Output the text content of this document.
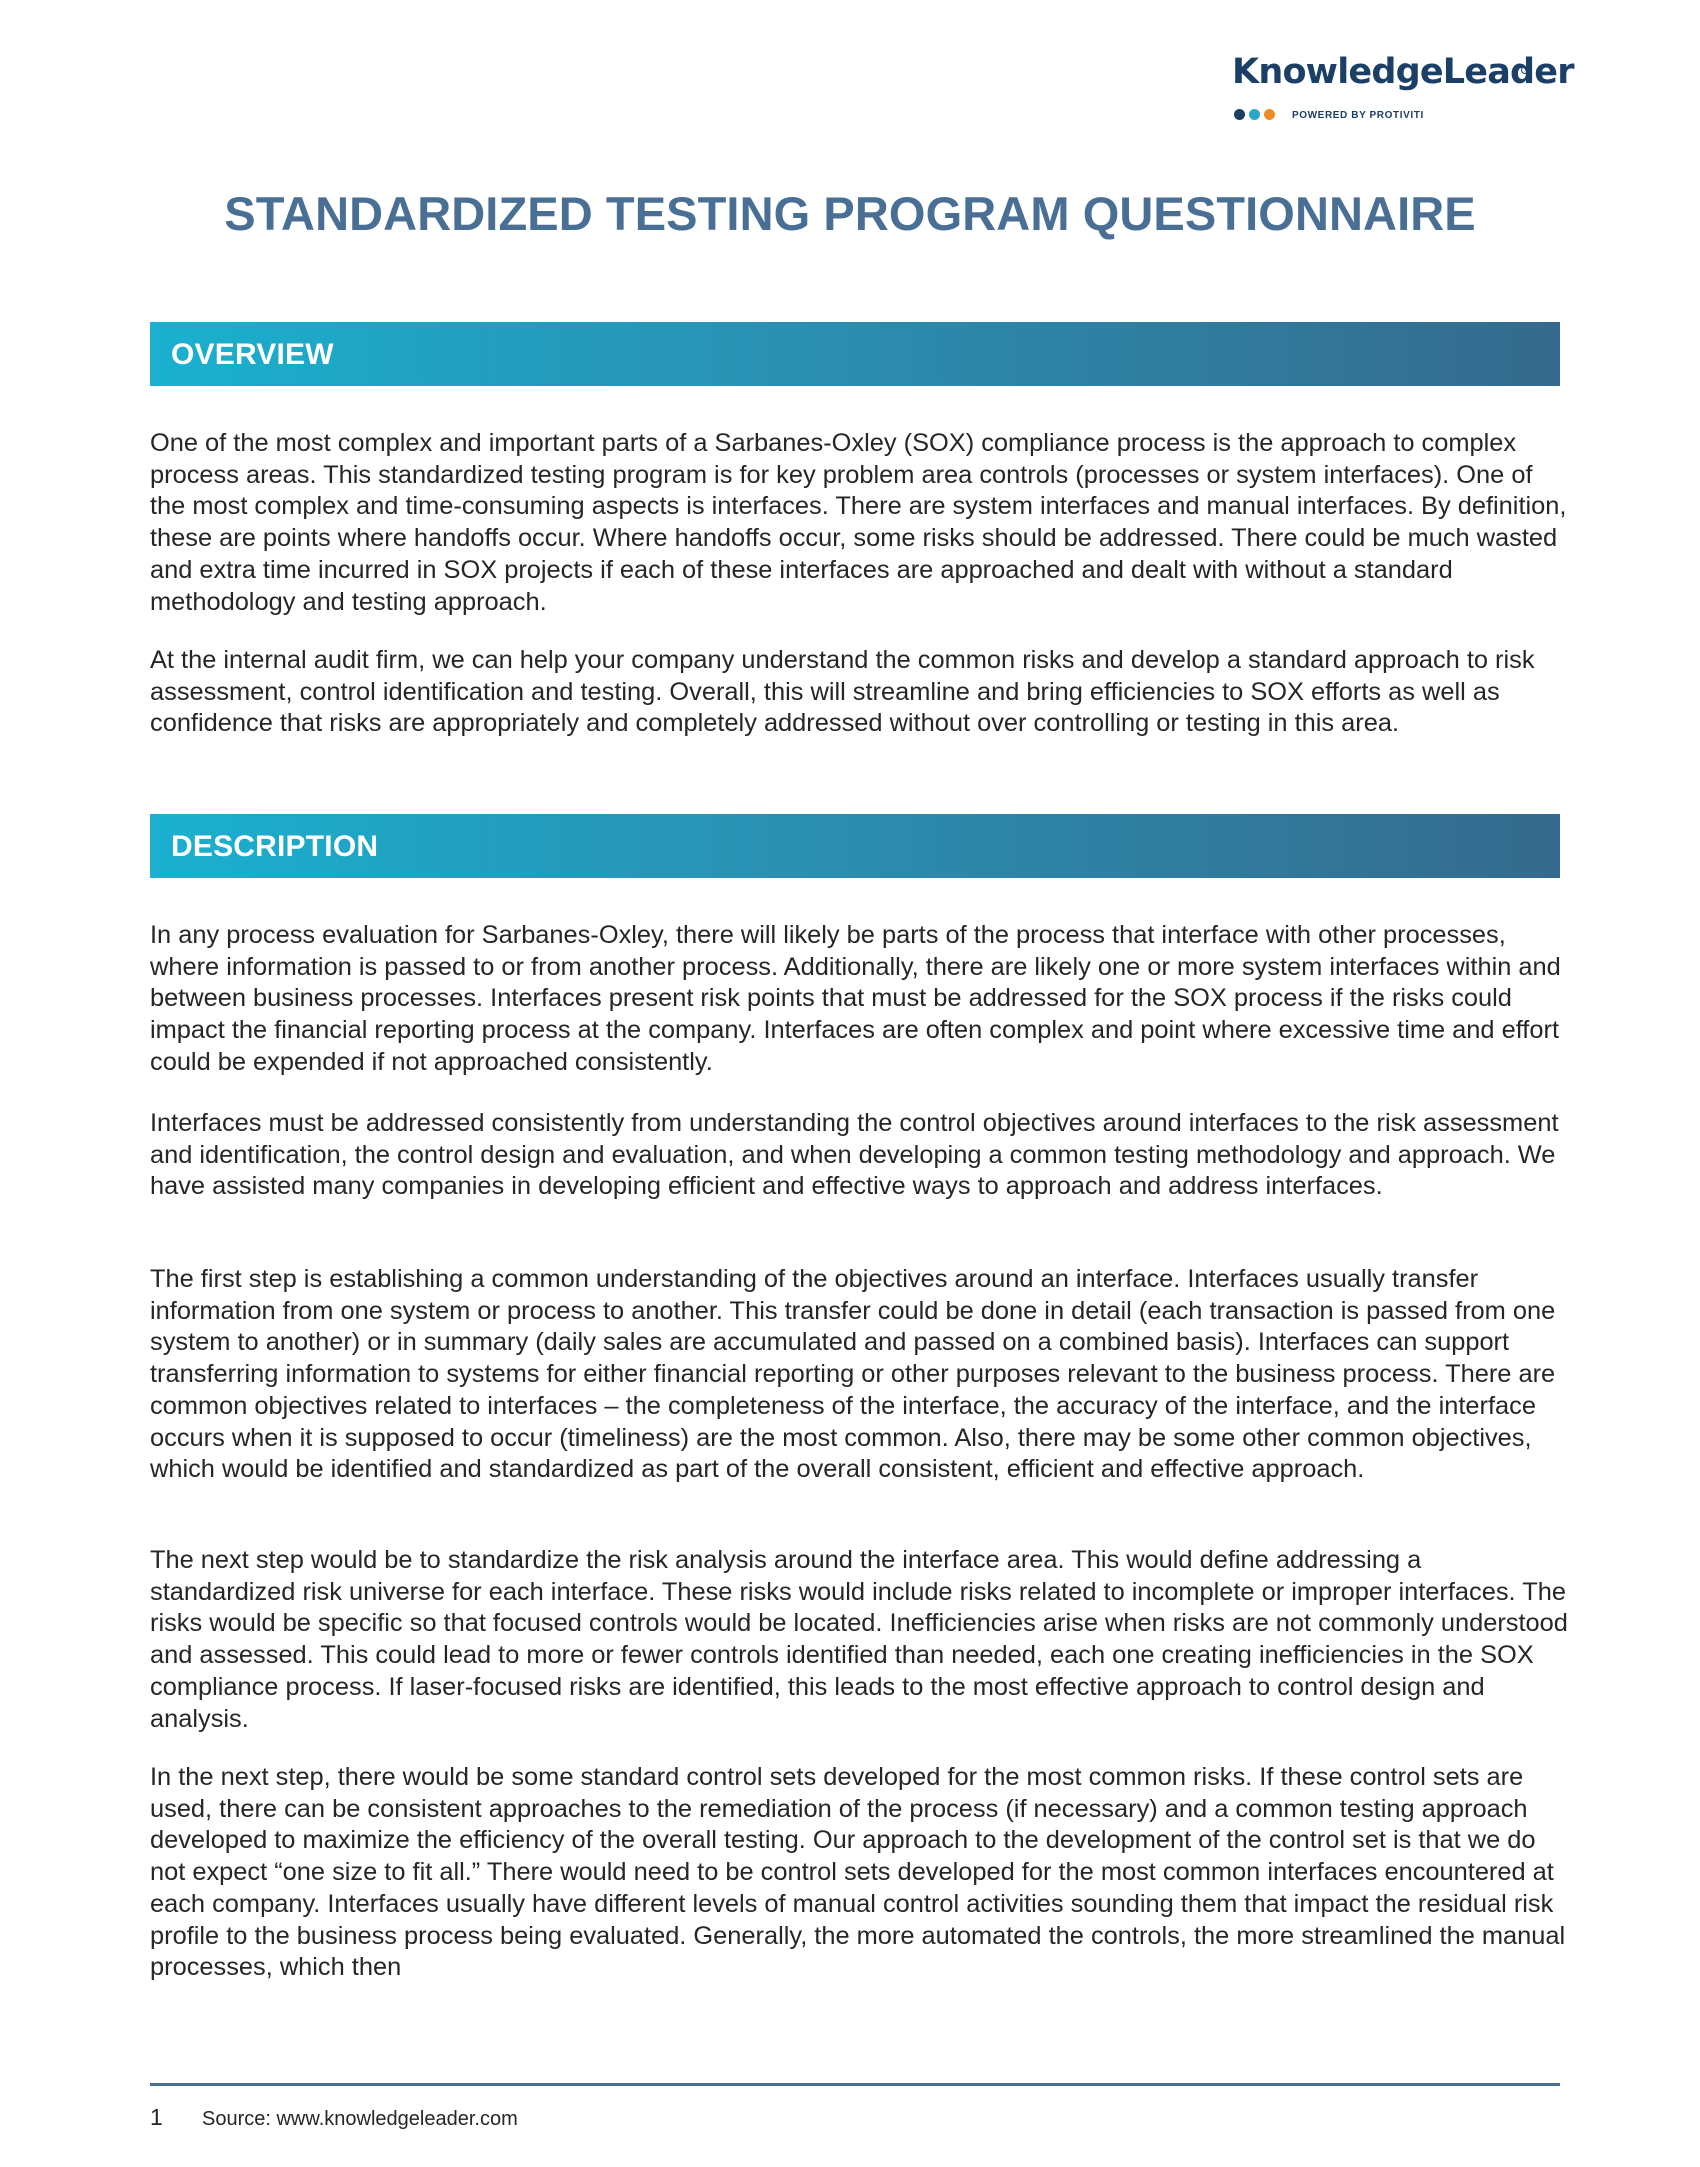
KnowledgeLeader
POWERED BY PROTIVITI
STANDARDIZED TESTING PROGRAM QUESTIONNAIRE
OVERVIEW

One of the most complex and important parts of a Sarbanes-Oxley (SOX) compliance process is the approach to complex process areas. This standardized testing program is for key problem area controls (processes or system interfaces). One of the most complex and time-consuming aspects is interfaces. There are system interfaces and manual interfaces. By definition, these are points where handoffs occur. Where handoffs occur, some risks should be addressed. There could be much wasted and extra time incurred in SOX projects if each of these interfaces are approached and dealt with without a standard methodology and testing approach.

At the internal audit firm, we can help your company understand the common risks and develop a standard approach to risk assessment, control identification and testing. Overall, this will streamline and bring efficiencies to SOX efforts as well as confidence that risks are appropriately and completely addressed without over controlling or testing in this area.

DESCRIPTION

In any process evaluation for Sarbanes-Oxley, there will likely be parts of the process that interface with other processes, where information is passed to or from another process. Additionally, there are likely one or more system interfaces within and between business processes. Interfaces present risk points that must be addressed for the SOX process if the risks could impact the financial reporting process at the company. Interfaces are often complex and point where excessive time and effort could be expended if not approached consistently.

Interfaces must be addressed consistently from understanding the control objectives around interfaces to the risk assessment and identification, the control design and evaluation, and when developing a common testing methodology and approach. We have assisted many companies in developing efficient and effective ways to approach and address interfaces.

The first step is establishing a common understanding of the objectives around an interface. Interfaces usually transfer information from one system or process to another. This transfer could be done in detail (each transaction is passed from one system to another) or in summary (daily sales are accumulated and passed on a combined basis). Interfaces can support transferring information to systems for either financial reporting or other purposes relevant to the business process. There are common objectives related to interfaces – the completeness of the interface, the accuracy of the interface, and the interface occurs when it is supposed to occur (timeliness) are the most common. Also, there may be some other common objectives, which would be identified and standardized as part of the overall consistent, efficient and effective approach.

The next step would be to standardize the risk analysis around the interface area. This would define addressing a standardized risk universe for each interface. These risks would include risks related to incomplete or improper interfaces. The risks would be specific so that focused controls would be located. Inefficiencies arise when risks are not commonly understood and assessed. This could lead to more or fewer controls identified than needed, each one creating inefficiencies in the SOX compliance process. If laser-focused risks are identified, this leads to the most effective approach to control design and analysis.

In the next step, there would be some standard control sets developed for the most common risks. If these control sets are used, there can be consistent approaches to the remediation of the process (if necessary) and a common testing approach developed to maximize the efficiency of the overall testing. Our approach to the development of the control set is that we do not expect “one size to fit all.” There would need to be control sets developed for the most common interfaces encountered at each company. Interfaces usually have different levels of manual control activities sounding them that impact the residual risk profile to the business process being evaluated. Generally, the more automated the controls, the more streamlined the manual processes, which then

1 Source: www.knowledgeleader.com
